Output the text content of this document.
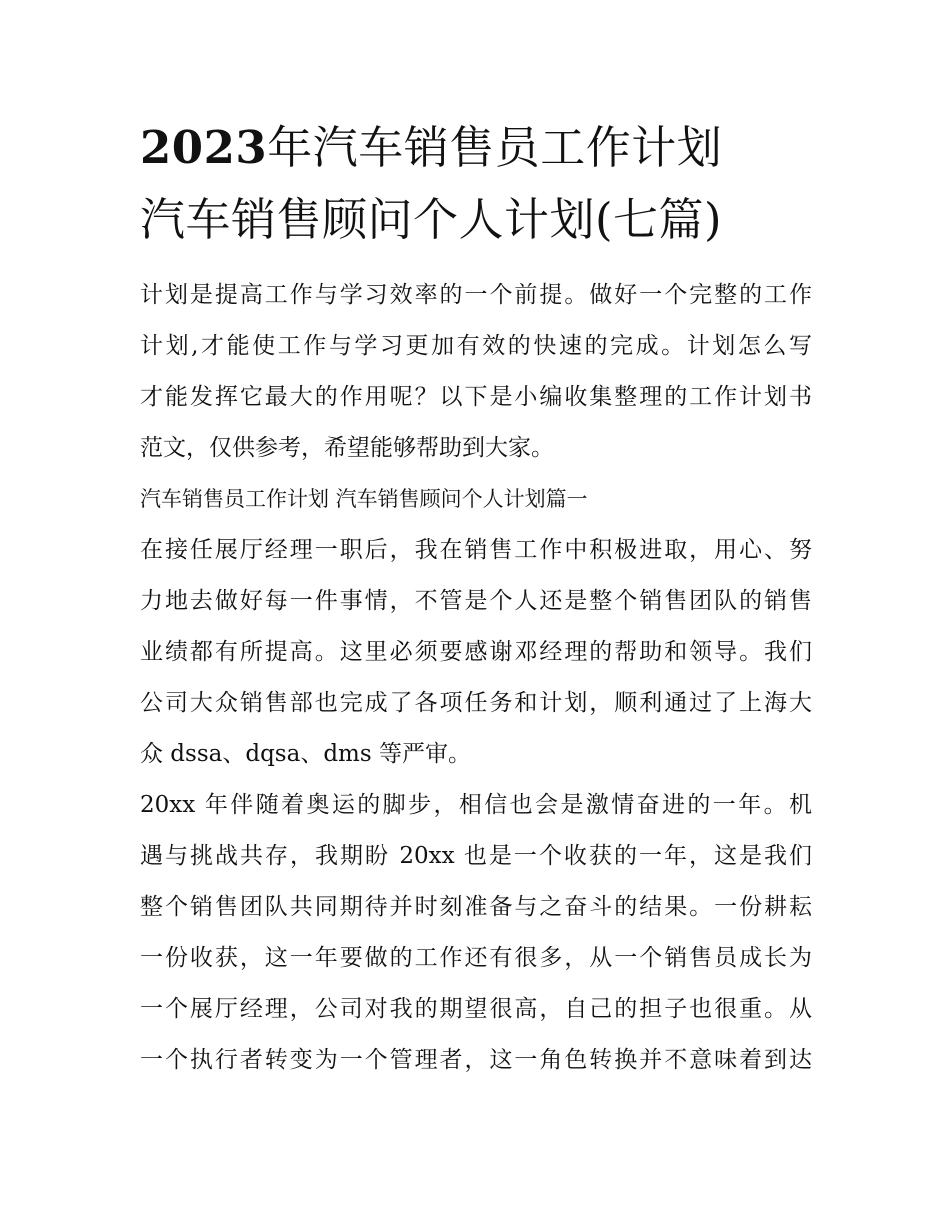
2023年汽车销售员工作计划
汽车销售顾问个人计划(七篇)

计划是提高工作与学习效率的一个前提。做好一个完整的工作
计划,才能使工作与学习更加有效的快速的完成。计划怎么写
才能发挥它最大的作用呢？以下是小编收集整理的工作计划书
范文，仅供参考，希望能够帮助到大家。

汽车销售员工作计划 汽车销售顾问个人计划篇一

在接任展厅经理一职后，我在销售工作中积极进取，用心、努
力地去做好每一件事情，不管是个人还是整个销售团队的销售
业绩都有所提高。这里必须要感谢邓经理的帮助和领导。我们
公司大众销售部也完成了各项任务和计划，顺利通过了上海大
众 dssa、dqsa、dms 等严审。

20xx 年伴随着奥运的脚步，相信也会是激情奋进的一年。机
遇与挑战共存，我期盼 20xx 也是一个收获的一年，这是我们
整个销售团队共同期待并时刻准备与之奋斗的结果。一份耕耘
一份收获，这一年要做的工作还有很多，从一个销售员成长为
一个展厅经理，公司对我的期望很高，自己的担子也很重。从
一个执行者转变为一个管理者，这一角色转换并不意味着到达
